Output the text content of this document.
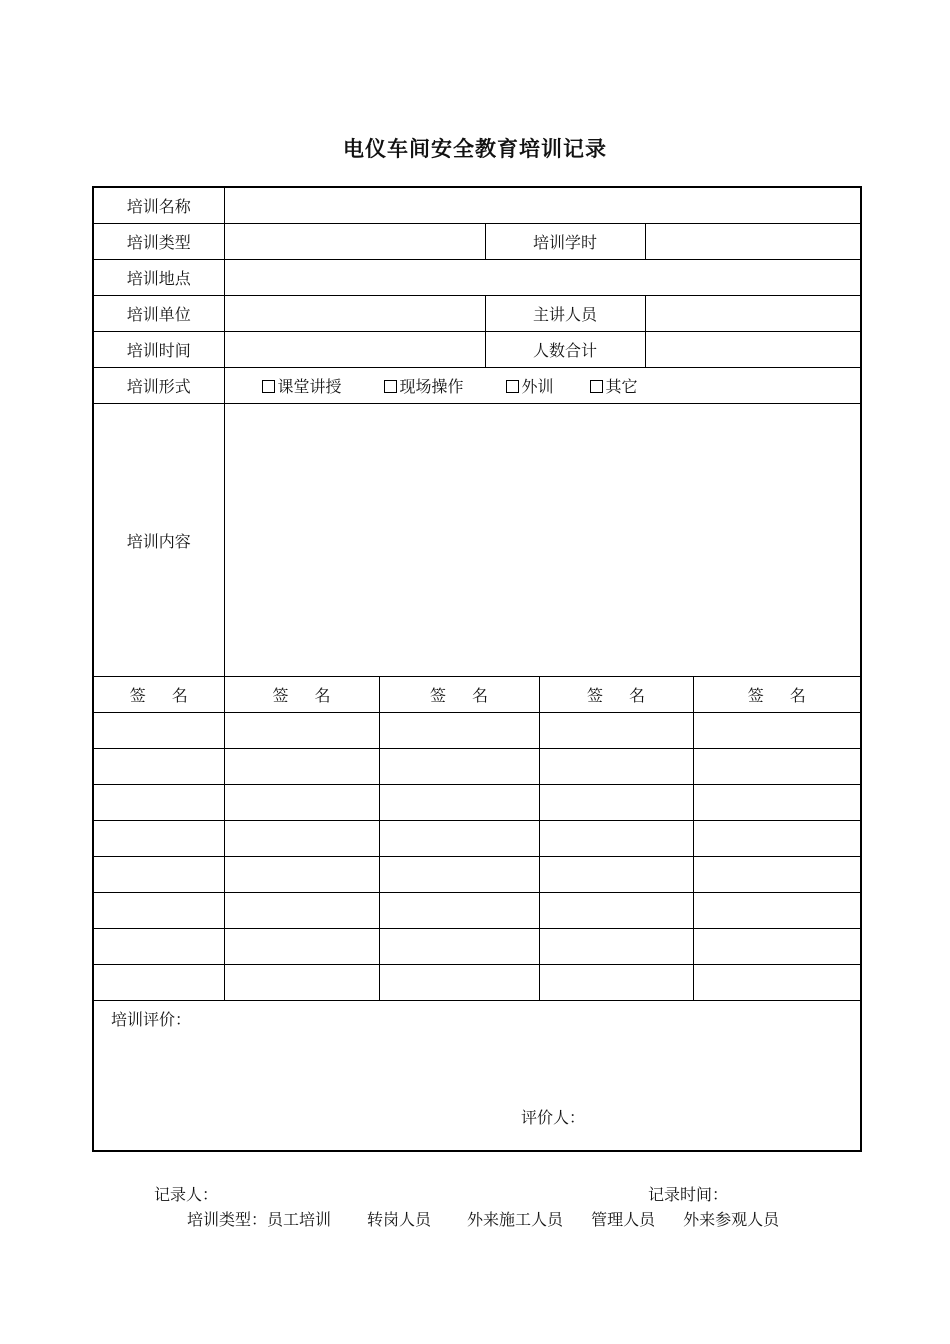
电仪车间安全教育培训记录
培训名称			
培训类型		培训学时	
培训地点			
培训单位		主讲人员	
培训时间		人数合计	
培训形式	课堂讲授 现场操作 外训 其它		
培训内容			
签 名	签 名	签 名	签 名	签 名

培训评价：
评价人：				
记录人：	记录时间：
培训类型：员工培训 转岗人员 外来施工人员 管理人员 外来参观人员
